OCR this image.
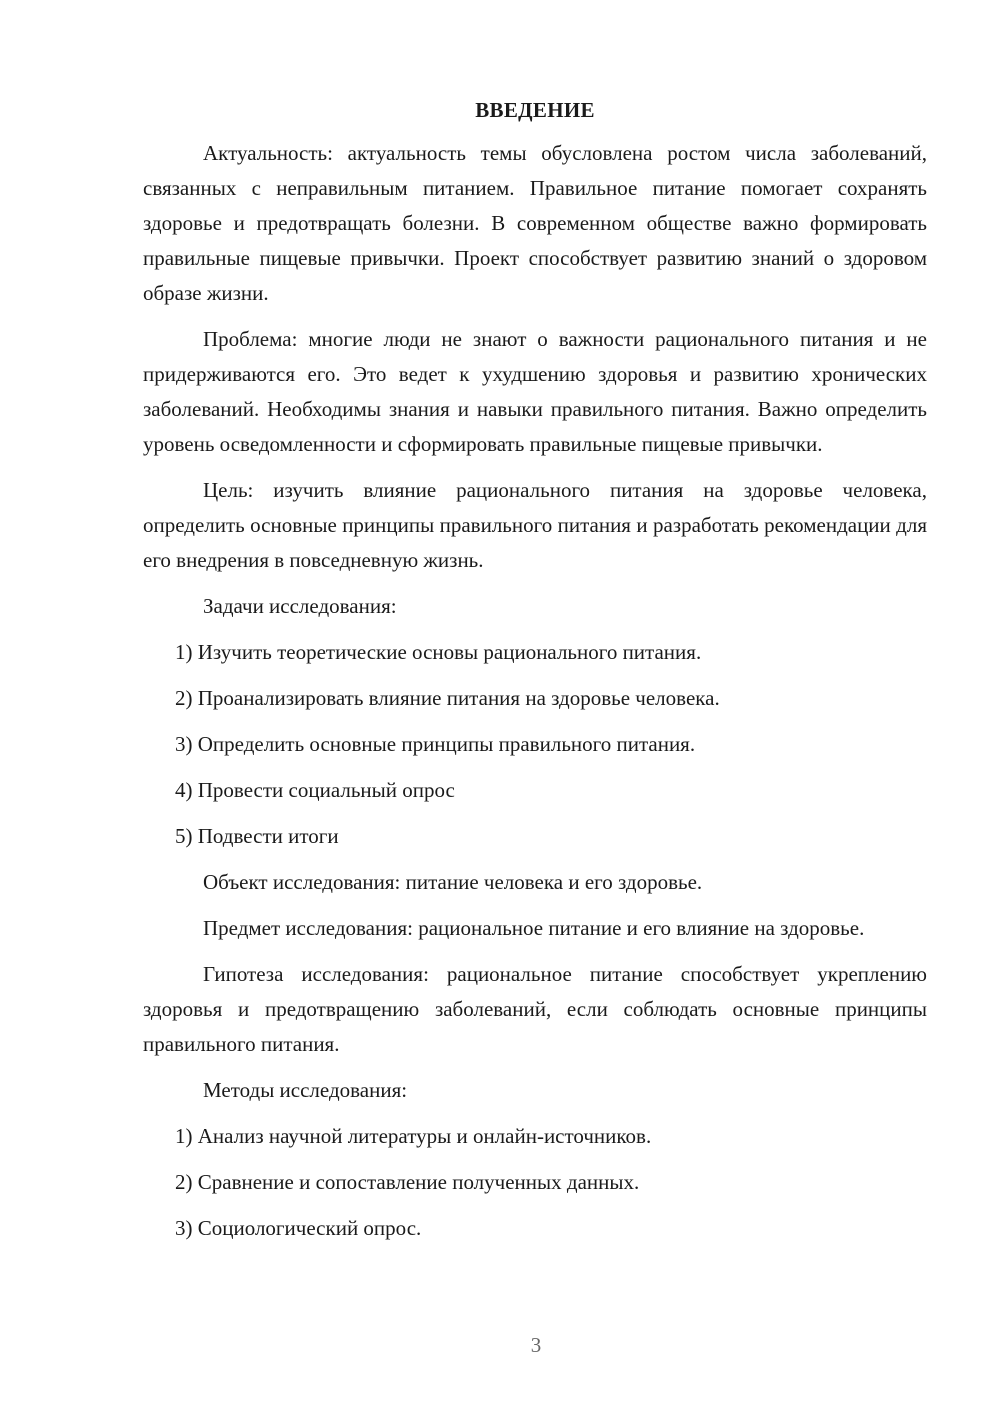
ВВЕДЕНИЕ

Актуальность: актуальность темы обусловлена ростом числа заболеваний, связанных с неправильным питанием. Правильное питание помогает сохранять здоровье и предотвращать болезни. В современном обществе важно формировать правильные пищевые привычки. Проект способствует развитию знаний о здоровом образе жизни.

Проблема: многие люди не знают о важности рационального питания и не придерживаются его. Это ведет к ухудшению здоровья и развитию хронических заболеваний. Необходимы знания и навыки правильного питания. Важно определить уровень осведомленности и сформировать правильные пищевые привычки.

Цель: изучить влияние рационального питания на здоровье человека, определить основные принципы правильного питания и разработать рекомендации для его внедрения в повседневную жизнь.

Задачи исследования:
1) Изучить теоретические основы рационального питания.
2) Проанализировать влияние питания на здоровье человека.
3) Определить основные принципы правильного питания.
4) Провести социальный опрос
5) Подвести итоги
Объект исследования: питание человека и его здоровье.

Предмет исследования: рациональное питание и его влияние на здоровье.

Гипотеза исследования: рациональное питание способствует укреплению здоровья и предотвращению заболеваний, если соблюдать основные принципы правильного питания.

Методы исследования:
1) Анализ научной литературы и онлайн-источников.
2) Сравнение и сопоставление полученных данных.
3) Социологический опрос.
3
